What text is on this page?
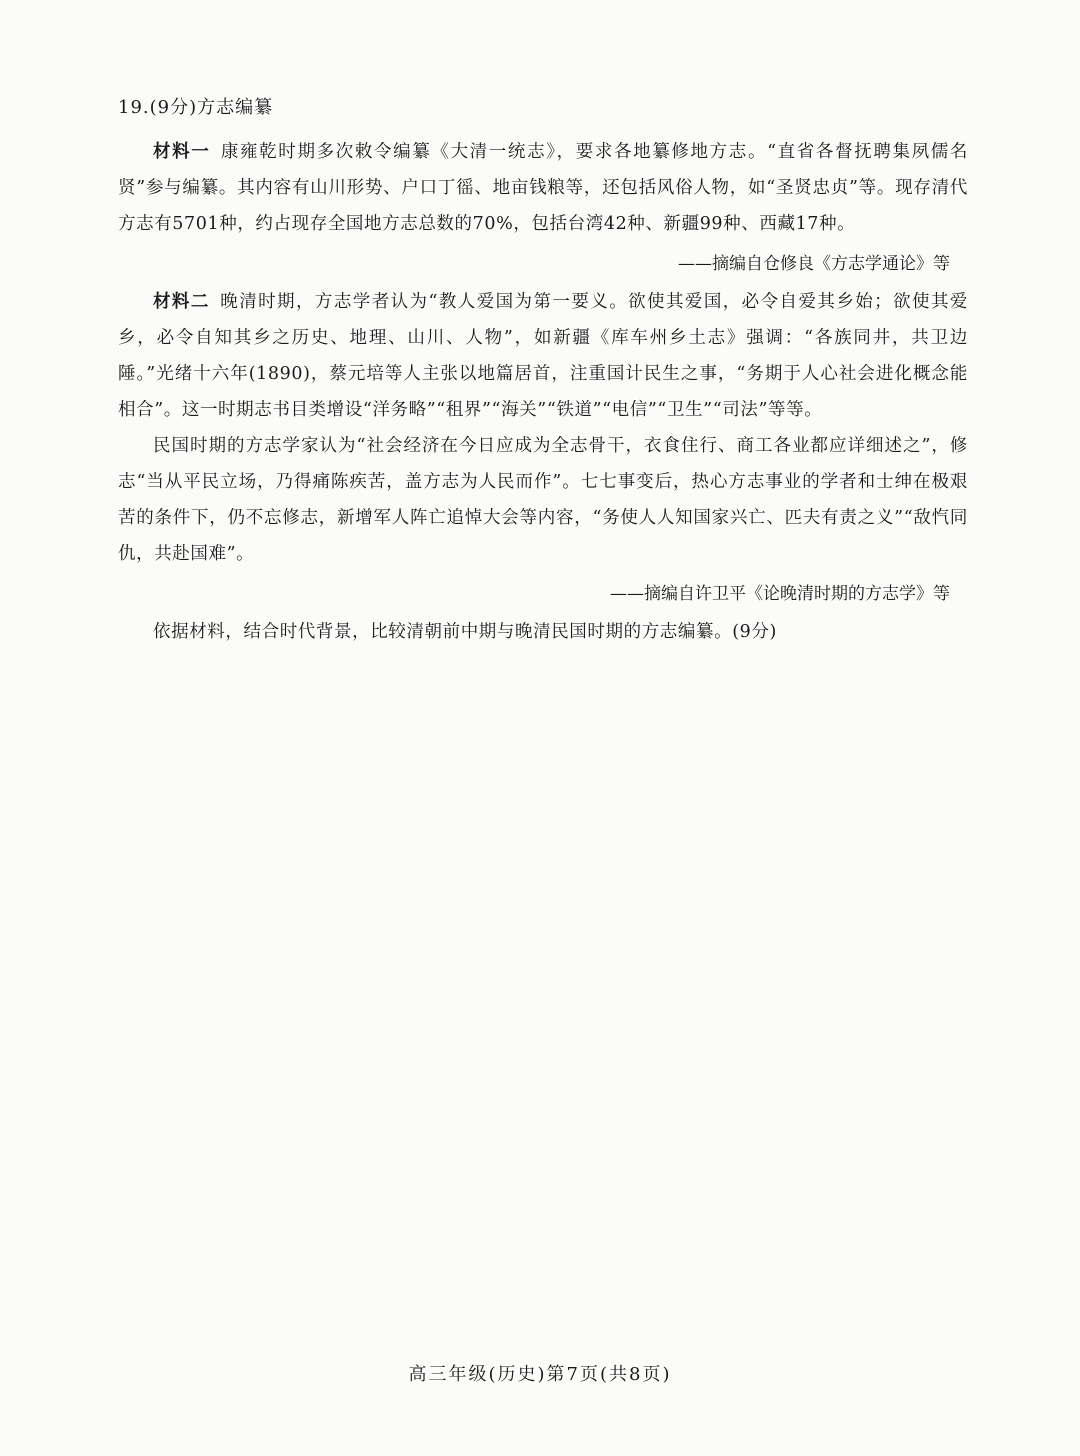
19.(9分)方志编纂

材料一 康雍乾时期多次敕令编纂《大清一统志》，要求各地纂修地方志。“直省各督抚聘集夙儒名贤”参与编纂。其内容有山川形势、户口丁徭、地亩钱粮等，还包括风俗人物，如“圣贤忠贞”等。现存清代方志有5701种，约占现存全国地方志总数的70%，包括台湾42种、新疆99种、西藏17种。

——摘编自仓修良《方志学通论》等

材料二 晚清时期，方志学者认为“教人爱国为第一要义。欲使其爱国，必令自爱其乡始；欲使其爱乡，必令自知其乡之历史、地理、山川、人物”，如新疆《库车州乡土志》强调：“各族同井，共卫边陲。”光绪十六年(1890)，蔡元培等人主张以地篇居首，注重国计民生之事，“务期于人心社会进化概念能相合”。这一时期志书目类增设“洋务略”“租界”“海关”“铁道”“电信”“卫生”“司法”等等。

民国时期的方志学家认为“社会经济在今日应成为全志骨干，衣食住行、商工各业都应详细述之”，修志“当从平民立场，乃得痛陈疾苦，盖方志为人民而作”。七七事变后，热心方志事业的学者和士绅在极艰苦的条件下，仍不忘修志，新增军人阵亡追悼大会等内容，“务使人人知国家兴亡、匹夫有责之义”“敌忾同仇，共赴国难”。

——摘编自许卫平《论晚清时期的方志学》等

依据材料，结合时代背景，比较清朝前中期与晚清民国时期的方志编纂。(9分)

高三年级(历史)第7页(共8页)
